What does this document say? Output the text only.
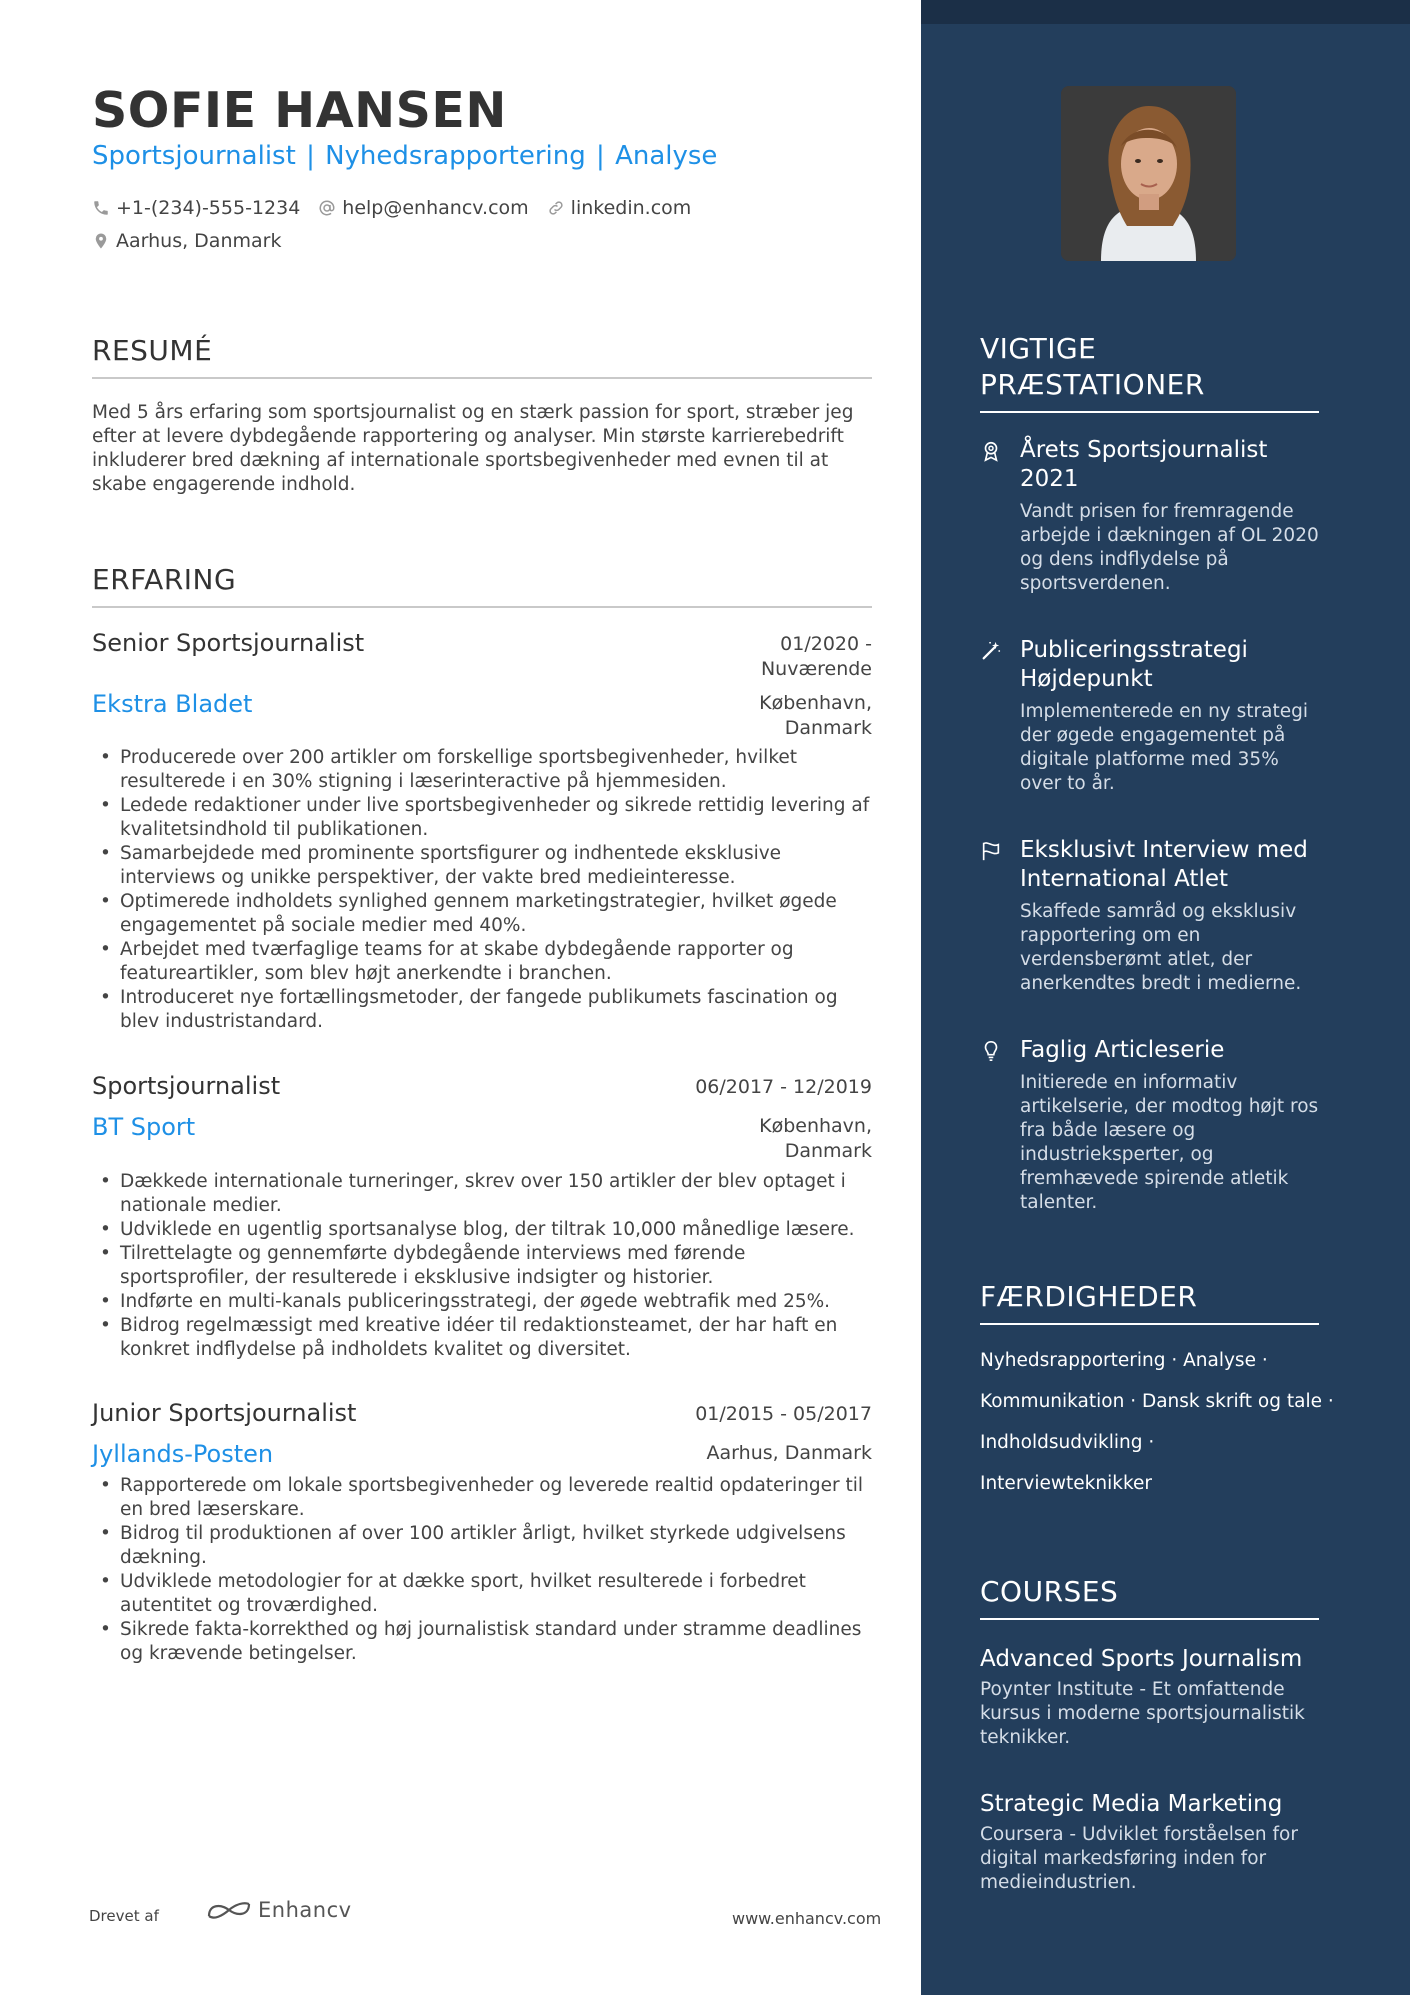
SOFIE HANSEN
Sportsjournalist | Nyhedsrapportering | Analyse
+1-(234)-555-1234 help@enhancv.com linkedin.com
Aarhus, Danmark
RESUMÉ
Med 5 års erfaring som sportsjournalist og en stærk passion for sport, stræber jeg efter at levere dybdegående rapportering og analyser. Min største karrierebedrift inkluderer bred dækning af internationale sportsbegivenheder med evnen til at skabe engagerende indhold.
ERFARING
Senior Sportsjournalist	01/2020 -
Nuværende
Ekstra Bladet	København,
Danmark
• Producerede over 200 artikler om forskellige sportsbegivenheder, hvilket resulterede i en 30% stigning i læserinteractive på hjemmesiden.
• Ledede redaktioner under live sportsbegivenheder og sikrede rettidig levering af kvalitetsindhold til publikationen.
• Samarbejdede med prominente sportsfigurer og indhentede eksklusive interviews og unikke perspektiver, der vakte bred medieinteresse.
• Optimerede indholdets synlighed gennem marketingstrategier, hvilket øgede engagementet på sociale medier med 40%.
• Arbejdet med tværfaglige teams for at skabe dybdegående rapporter og featureartikler, som blev højt anerkendte i branchen.
• Introduceret nye fortællingsmetoder, der fangede publikumets fascination og blev industristandard.
Sportsjournalist	06/2017 - 12/2019
BT Sport	København,
Danmark
• Dækkede internationale turneringer, skrev over 150 artikler der blev optaget i nationale medier.
• Udviklede en ugentlig sportsanalyse blog, der tiltrak 10,000 månedlige læsere.
• Tilrettelagte og gennemførte dybdegående interviews med førende sportsprofiler, der resulterede i eksklusive indsigter og historier.
• Indførte en multi-kanals publiceringsstrategi, der øgede webtrafik med 25%.
• Bidrog regelmæssigt med kreative idéer til redaktionsteamet, der har haft en konkret indflydelse på indholdets kvalitet og diversitet.
Junior Sportsjournalist	01/2015 - 05/2017
Jyllands-Posten	Aarhus, Danmark
• Rapporterede om lokale sportsbegivenheder og leverede realtid opdateringer til en bred læserskare.
• Bidrog til produktionen af over 100 artikler årligt, hvilket styrkede udgivelsens dækning.
• Udviklede metodologier for at dække sport, hvilket resulterede i forbedret autentitet og troværdighed.
• Sikrede fakta-korrekthed og høj journalistisk standard under stramme deadlines og krævende betingelser.
Drevet af	Enhancv	www.enhancv.com
VIGTIGE PRÆSTATIONER
Årets Sportsjournalist 2021
Vandt prisen for fremragende arbejde i dækningen af OL 2020 og dens indflydelse på sportsverdenen.
Publiceringsstrategi Højdepunkt
Implementerede en ny strategi der øgede engagementet på digitale platforme med 35% over to år.
Eksklusivt Interview med International Atlet
Skaffede samråd og eksklusiv rapportering om en verdensberømt atlet, der anerkendtes bredt i medierne.
Faglig Articleserie
Initierede en informativ artikelserie, der modtog højt ros fra både læsere og industrieksperter, og fremhævede spirende atletik talenter.
FÆRDIGHEDER
Nyhedsrapportering · Analyse ·
Kommunikation · Dansk skrift og tale ·
Indholdsudvikling ·
Interviewteknikker
COURSES
Advanced Sports Journalism
Poynter Institute - Et omfattende kursus i moderne sportsjournalistik teknikker.
Strategic Media Marketing
Coursera - Udviklet forståelsen for digital markedsføring inden for medieindustrien.
